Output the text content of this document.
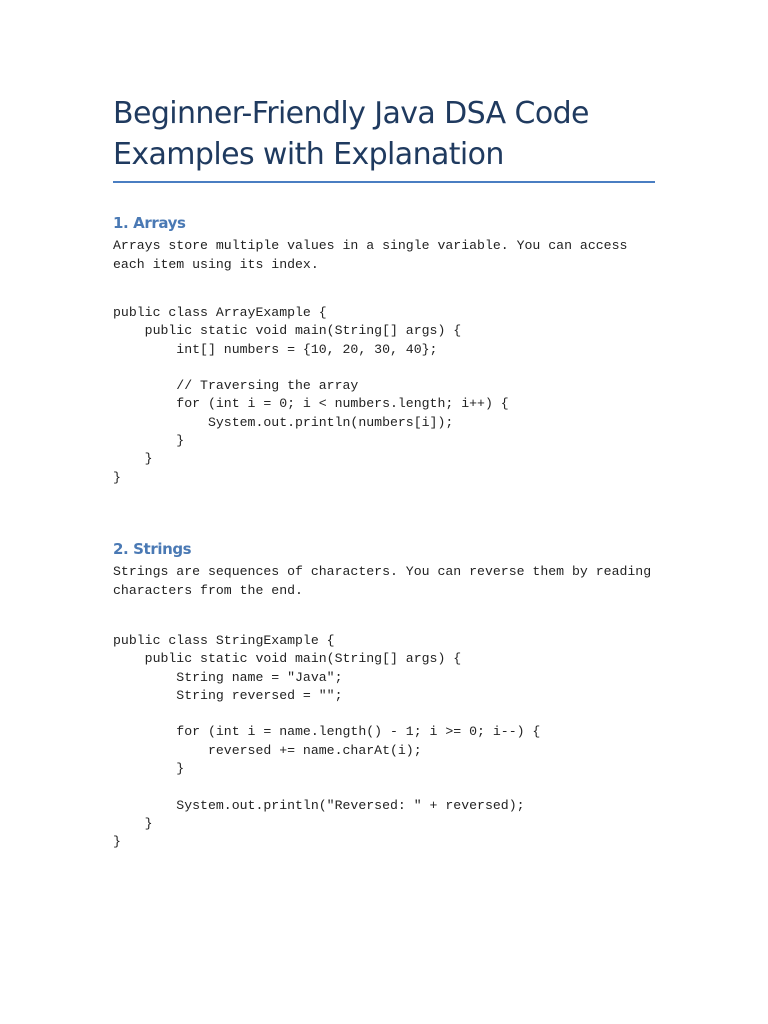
Beginner-Friendly Java DSA Code Examples with Explanation
1. Arrays

Arrays store multiple values in a single variable. You can access each item using its index.

public class ArrayExample {
public static void main(String[] args) {
int[] numbers = {10, 20, 30, 40};

// Traversing the array
for (int i = 0; i < numbers.length; i++) {
System.out.println(numbers[i]);
}
}
}
2. Strings

Strings are sequences of characters. You can reverse them by reading characters from the end.

public class StringExample {
public static void main(String[] args) {
String name = "Java";
String reversed = "";

for (int i = name.length() - 1; i >= 0; i--) {
reversed += name.charAt(i);
}

System.out.println("Reversed: " + reversed);
}
}
